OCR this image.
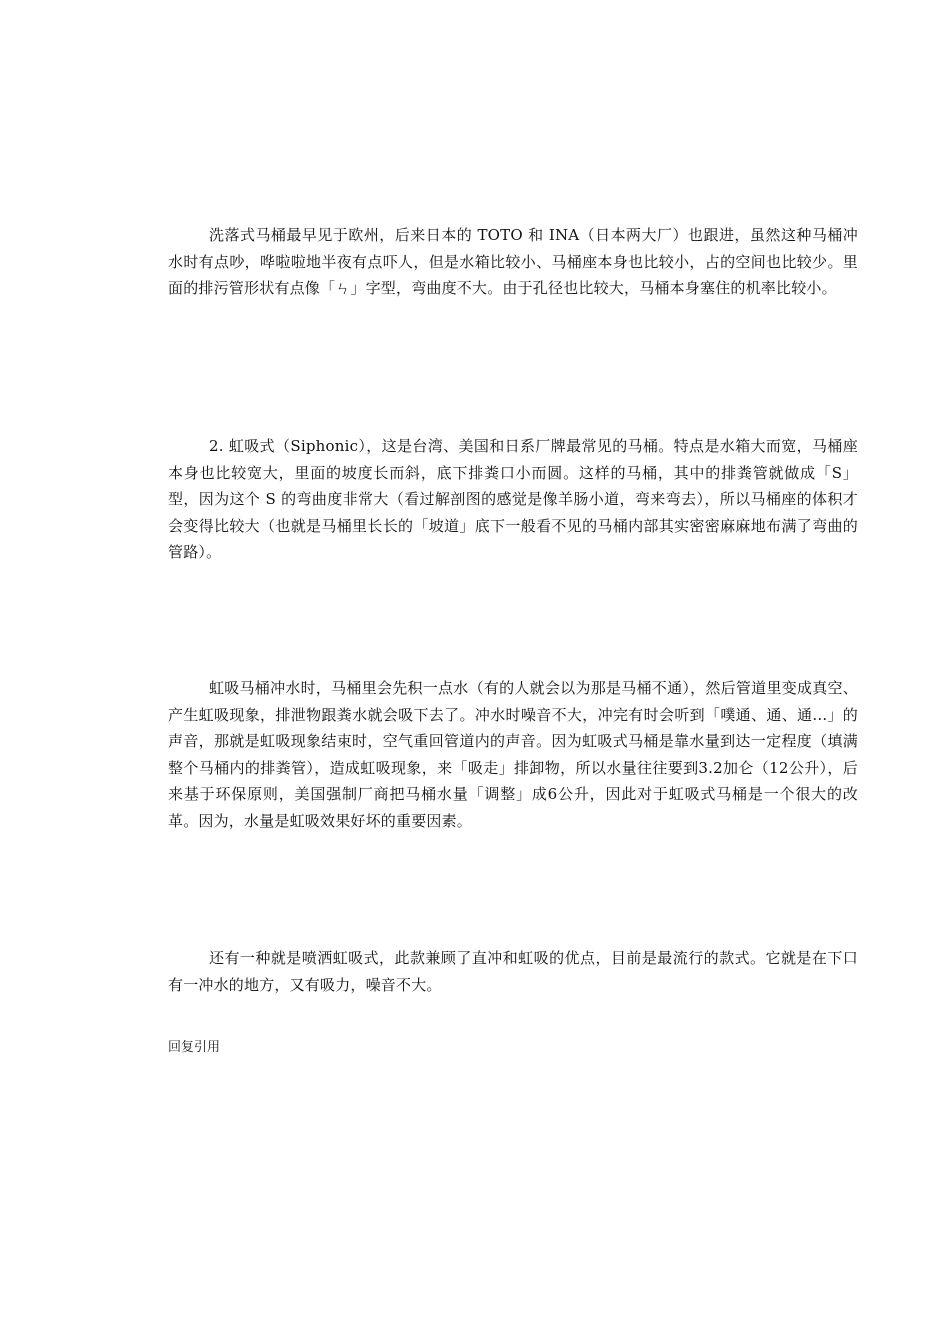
洗落式马桶最早见于欧州，后来日本的 TOTO 和 INA（日本两大厂）也跟进，虽然这种马桶冲水时有点吵，哗啦啦地半夜有点吓人，但是水箱比较小、马桶座本身也比较小，占的空间也比较少。里面的排污管形状有点像「ㄣ」字型，弯曲度不大。由于孔径也比较大，马桶本身塞住的机率比较小。

2. 虹吸式（Siphonic），这是台湾、美国和日系厂牌最常见的马桶。特点是水箱大而宽，马桶座本身也比较宽大，里面的坡度长而斜，底下排粪口小而圆。这样的马桶，其中的排粪管就做成「S」型，因为这个 S 的弯曲度非常大（看过解剖图的感觉是像羊肠小道，弯来弯去），所以马桶座的体积才会变得比较大（也就是马桶里长长的「坡道」底下一般看不见的马桶内部其实密密麻麻地布满了弯曲的管路）。

虹吸马桶冲水时，马桶里会先积一点水（有的人就会以为那是马桶不通），然后管道里变成真空、产生虹吸现象，排泄物跟粪水就会吸下去了。冲水时噪音不大，冲完有时会听到「噗通、通、通...」的声音，那就是虹吸现象结束时，空气重回管道内的声音。因为虹吸式马桶是靠水量到达一定程度（填满整个马桶内的排粪管），造成虹吸现象，来「吸走」排卸物，所以水量往往要到3.2加仑（12公升），后来基于环保原则，美国强制厂商把马桶水量「调整」成6公升，因此对于虹吸式马桶是一个很大的改革。因为，水量是虹吸效果好坏的重要因素。

还有一种就是喷洒虹吸式，此款兼顾了直冲和虹吸的优点，目前是最流行的款式。它就是在下口有一冲水的地方，又有吸力，噪音不大。

回复引用
